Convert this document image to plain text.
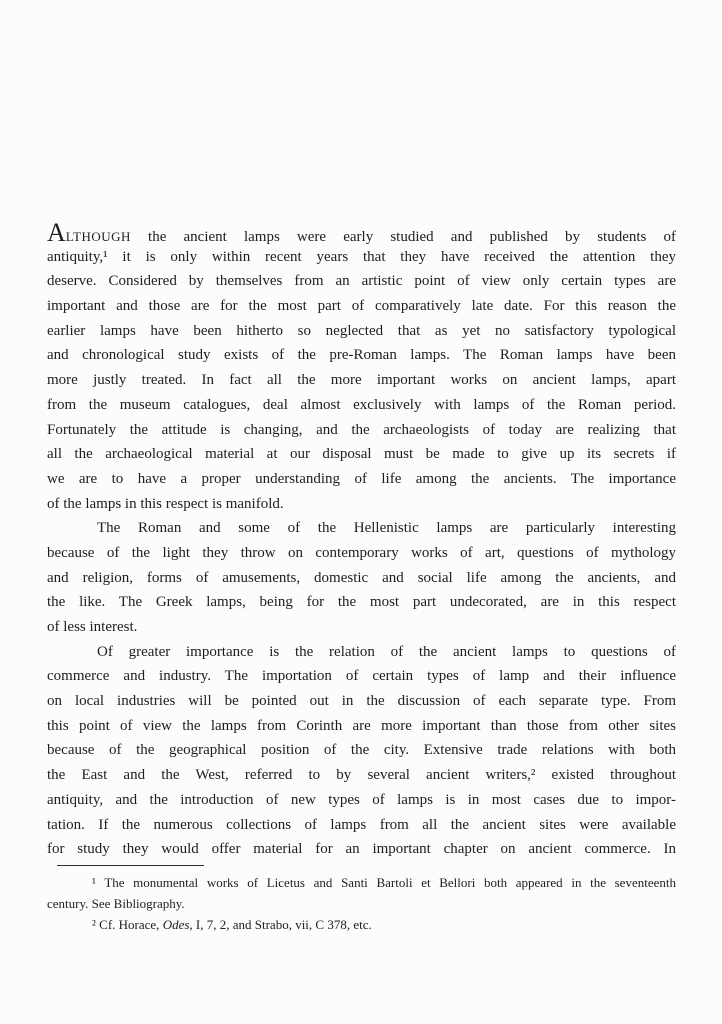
ALTHOUGH the ancient lamps were early studied and published by students of
antiquity,¹ it is only within recent years that they have received the attention they
deserve. Considered by themselves from an artistic point of view only certain types are
important and those are for the most part of comparatively late date. For this reason the
earlier lamps have been hitherto so neglected that as yet no satisfactory typological
and chronological study exists of the pre-Roman lamps. The Roman lamps have been
more justly treated. In fact all the more important works on ancient lamps, apart
from the museum catalogues, deal almost exclusively with lamps of the Roman period.
Fortunately the attitude is changing, and the archaeologists of today are realizing that
all the archaeological material at our disposal must be made to give up its secrets if
we are to have a proper understanding of life among the ancients. The importance
of the lamps in this respect is manifold.
The Roman and some of the Hellenistic lamps are particularly interesting
because of the light they throw on contemporary works of art, questions of mythology
and religion, forms of amusements, domestic and social life among the ancients, and
the like. The Greek lamps, being for the most part undecorated, are in this respect
of less interest.
Of greater importance is the relation of the ancient lamps to questions of
commerce and industry. The importation of certain types of lamp and their influence
on local industries will be pointed out in the discussion of each separate type. From
this point of view the lamps from Corinth are more important than those from other sites
because of the geographical position of the city. Extensive trade relations with both
the East and the West, referred to by several ancient writers,² existed throughout
antiquity, and the introduction of new types of lamps is in most cases due to impor-
tation. If the numerous collections of lamps from all the ancient sites were available
for study they would offer material for an important chapter on ancient commerce. In
¹ The monumental works of Licetus and Santi Bartoli et Bellori both appeared in the seventeenth
century. See Bibliography.
² Cf. Horace, Odes, I, 7, 2, and Strabo, vii, C 378, etc.
